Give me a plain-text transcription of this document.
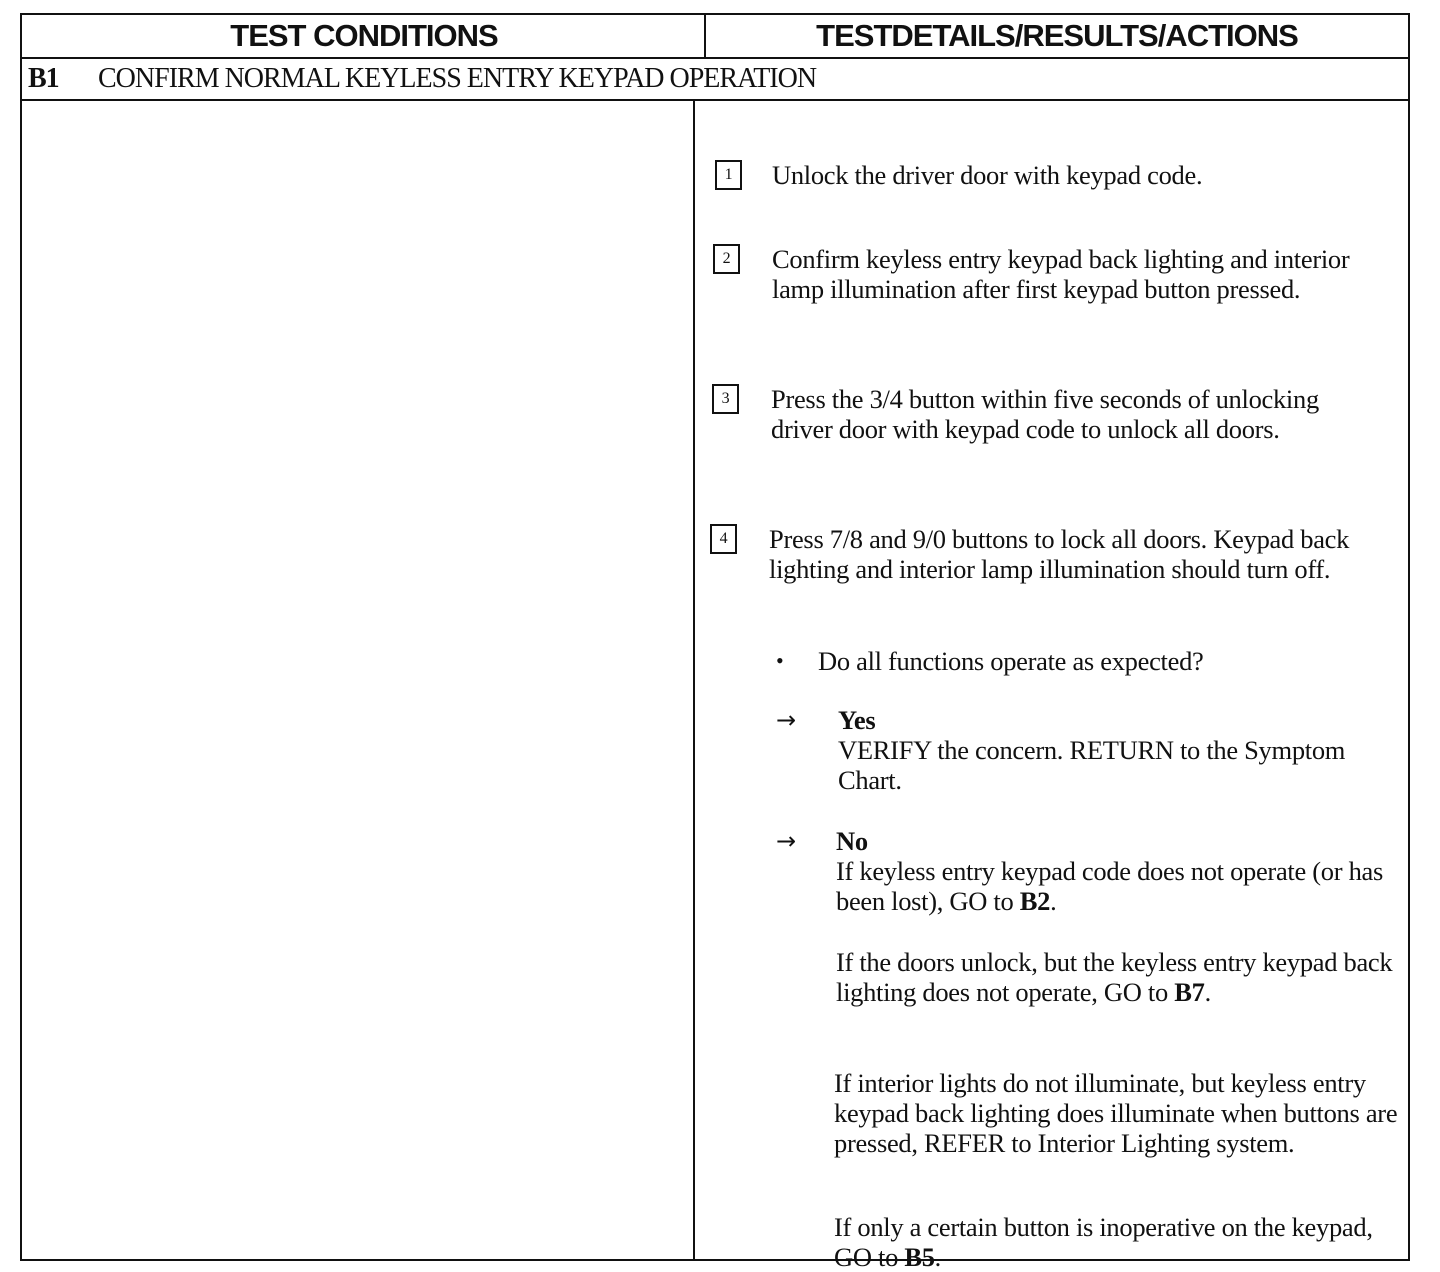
TEST CONDITIONS	TESTDETAILS/RESULTS/ACTIONS
B1 CONFIRM NORMAL KEYLESS ENTRY KEYPAD OPERATION
1	Unlock the driver door with keypad code.
2	Confirm keyless entry keypad back lighting and interior lamp illumination after first keypad button pressed.
3	Press the 3/4 button within five seconds of unlocking driver door with keypad code to unlock all doors.
4	Press 7/8 and 9/0 buttons to lock all doors. Keypad back lighting and interior lamp illumination should turn off.
• Do all functions operate as expected?
→ Yes
VERIFY the concern. RETURN to the Symptom Chart.
→ No
If keyless entry keypad code does not operate (or has been lost), GO to B2.
If the doors unlock, but the keyless entry keypad back lighting does not operate, GO to B7.
If interior lights do not illuminate, but keyless entry keypad back lighting does illuminate when buttons are pressed, REFER to Interior Lighting system.
If only a certain button is inoperative on the keypad, GO to B5.
